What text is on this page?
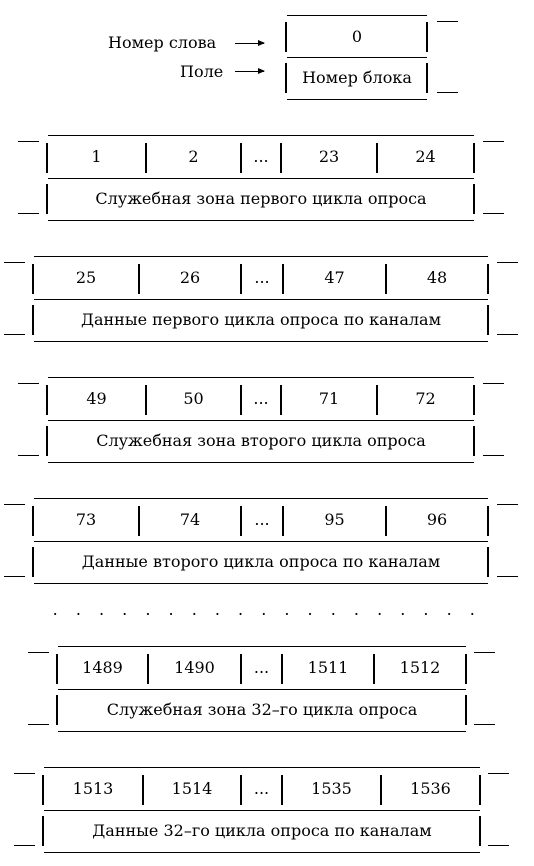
Номер слова
Поле
0
Номер блока
1	2	...	23	24
Служебная зона первого цикла опроса
25	26	...	47	48
Данные первого цикла опроса по каналам
49	50	...	71	72
Служебная зона второго цикла опроса
73	74	...	95	96
Данные второго цикла опроса по каналам
. . . . . . . . . . . . . . . . . . .
1489	1490	...	1511	1512
Служебная зона 32–го цикла опроса
1513	1514	...	1535	1536
Данные 32–го цикла опроса по каналам
